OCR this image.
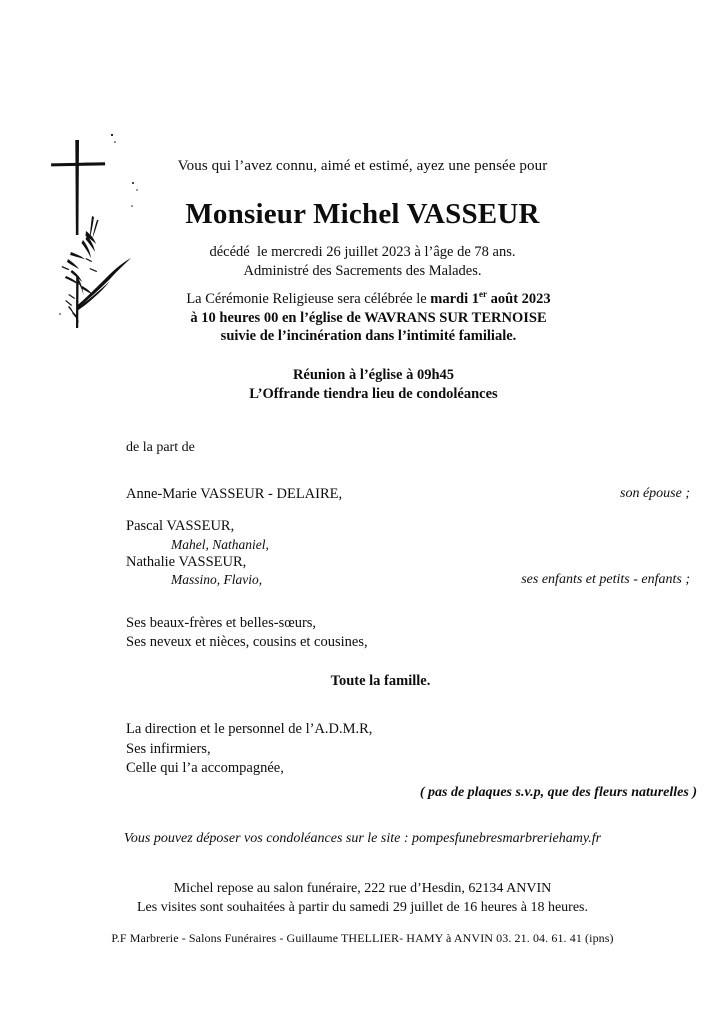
Vous qui l’avez connu, aimé et estimé, ayez une pensée pour
Monsieur Michel VASSEUR
décédé  le mercredi 26 juillet 2023 à l’âge de 78 ans.
Administré des Sacrements des Malades.
La Cérémonie Religieuse sera célébrée le mardi 1er août 2023
à 10 heures 00 en l’église de WAVRANS SUR TERNOISE
suivie de l’incinération dans l’intimité familiale.
Réunion à l’église à 09h45
L’Offrande tiendra lieu de condoléances
de la part de
son épouse ;
Anne-Marie VASSEUR - DELAIRE,
Pascal VASSEUR,
Mahel, Nathaniel,
Nathalie VASSEUR,
ses enfants et petits - enfants ;
Massino, Flavio,
Ses beaux-frères et belles-sœurs,
Ses neveux et nièces, cousins et cousines,
Toute la famille.
La direction et le personnel de l’A.D.M.R,
Ses infirmiers,
Celle qui l’a accompagnée,
( pas de plaques s.v.p, que des fleurs naturelles )
Vous pouvez déposer vos condoléances sur le site : pompesfunebresmarbreriehamy.fr
Michel repose au salon funéraire, 222 rue d’Hesdin, 62134 ANVIN
Les visites sont souhaitées à partir du samedi 29 juillet de 16 heures à 18 heures.
P.F Marbrerie - Salons Funéraires - Guillaume THELLIER- HAMY à ANVIN 03. 21. 04. 61. 41 (ipns)
